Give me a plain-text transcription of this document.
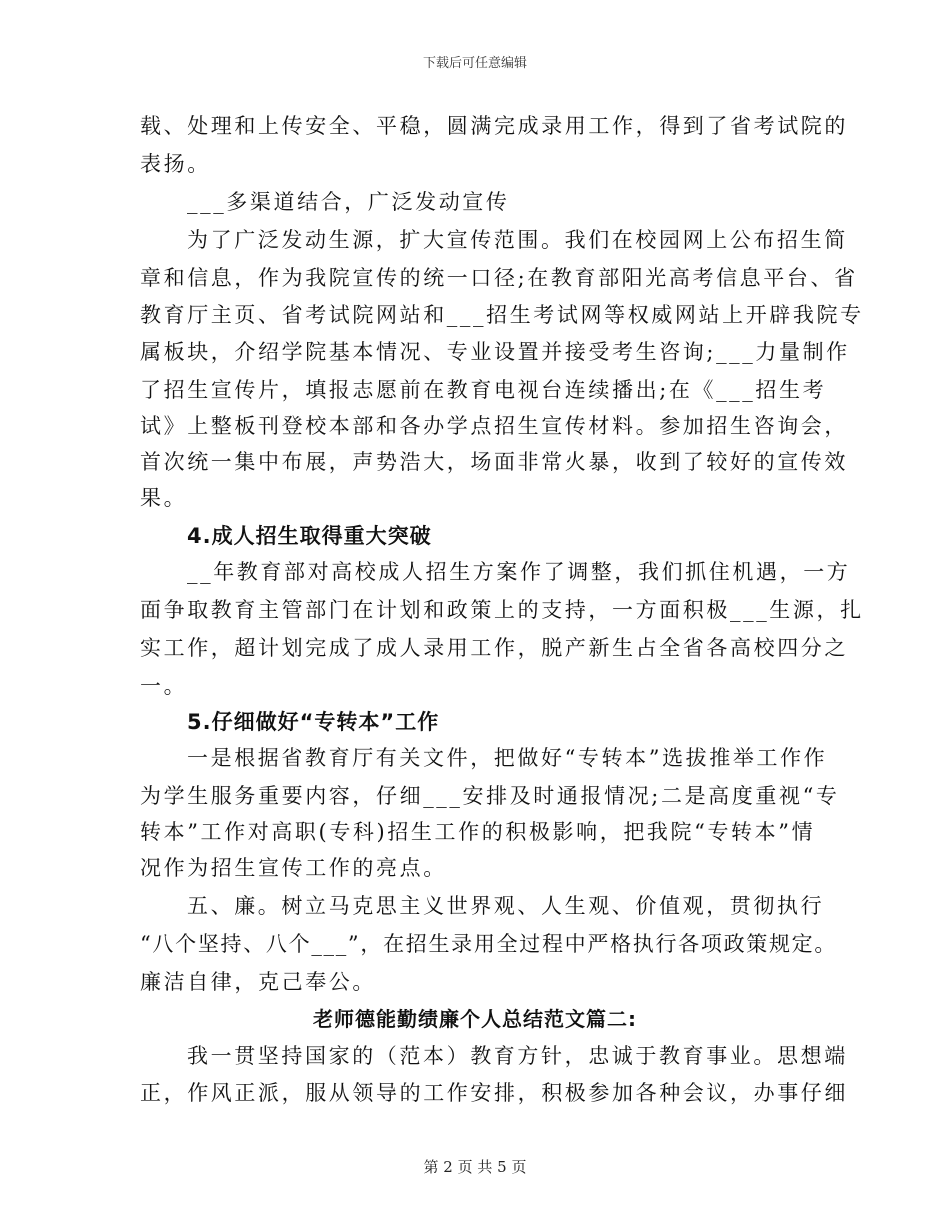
下载后可任意编辑
载、处理和上传安全、平稳，圆满完成录用工作，得到了省考试院的
表扬。
___多渠道结合，广泛发动宣传
为了广泛发动生源，扩大宣传范围。我们在校园网上公布招生简
章和信息，作为我院宣传的统一口径;在教育部阳光高考信息平台、省
教育厅主页、省考试院网站和___招生考试网等权威网站上开辟我院专
属板块，介绍学院基本情况、专业设置并接受考生咨询;___力量制作
了招生宣传片，填报志愿前在教育电视台连续播出;在《___招生考
试》上整板刊登校本部和各办学点招生宣传材料。参加招生咨询会，
首次统一集中布展，声势浩大，场面非常火暴，收到了较好的宣传效
果。
4.成人招生取得重大突破
__年教育部对高校成人招生方案作了调整，我们抓住机遇，一方
面争取教育主管部门在计划和政策上的支持，一方面积极___生源，扎
实工作，超计划完成了成人录用工作，脱产新生占全省各高校四分之
一。
5.仔细做好“专转本”工作
一是根据省教育厅有关文件，把做好“专转本”选拔推举工作作
为学生服务重要内容，仔细___安排及时通报情况;二是高度重视“专
转本”工作对高职(专科)招生工作的积极影响，把我院“专转本”情
况作为招生宣传工作的亮点。
五、廉。树立马克思主义世界观、人生观、价值观，贯彻执行
“八个坚持、八个___”，在招生录用全过程中严格执行各项政策规定。
廉洁自律，克己奉公。
老师德能勤绩廉个人总结范文篇二:
我一贯坚持国家的（范本）教育方针，忠诚于教育事业。思想端
正，作风正派，服从领导的工作安排，积极参加各种会议，办事仔细
第 2 页 共 5 页
